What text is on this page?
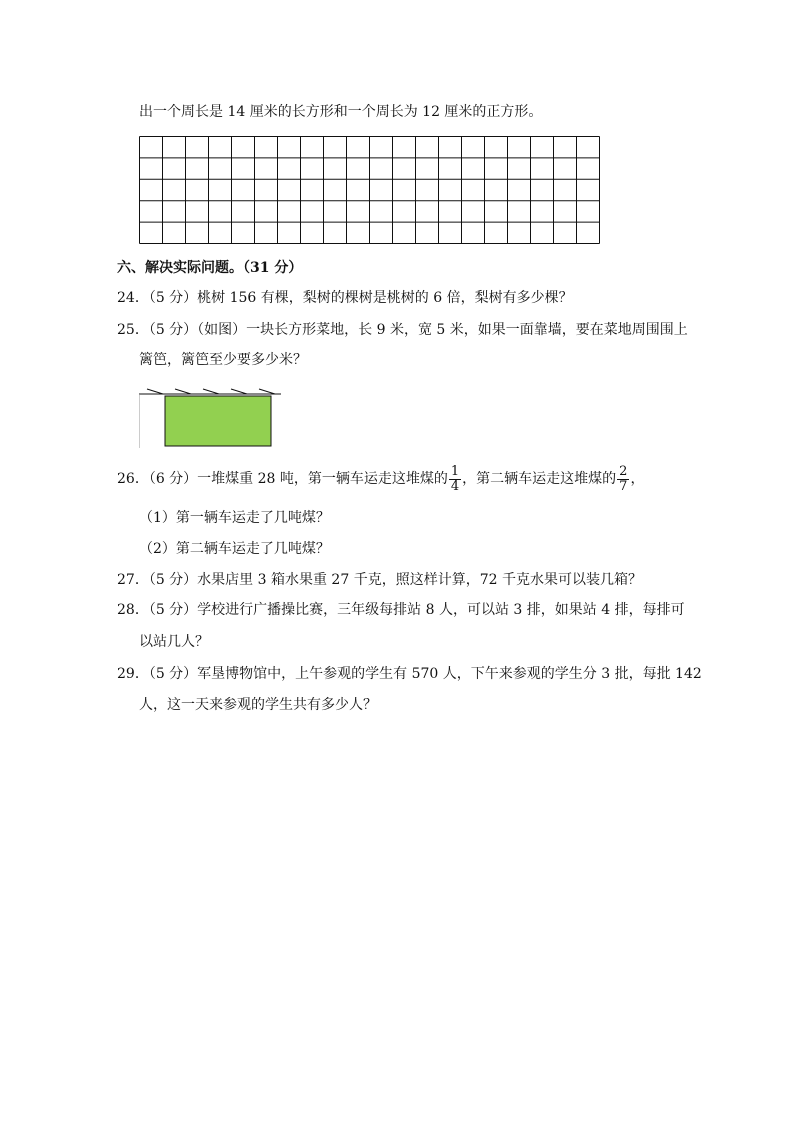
出一个周长是 14 厘米的长方形和一个周长为 12 厘米的正方形。
六、解决实际问题。（31 分）
24．（5 分）桃树 156 有棵，梨树的棵树是桃树的 6 倍，梨树有多少棵？
25．（5 分）（如图）一块长方形菜地，长 9 米，宽 5 米，如果一面靠墙，要在菜地周围围上
篱笆，篱笆至少要多少米？
26．（6 分）一堆煤重 28 吨，第一辆车运走这堆煤的 $\frac{1}{4}$ ，第二辆车运走这堆煤的 $\frac{2}{7}$ ，
（1）第一辆车运走了几吨煤？
（2）第二辆车运走了几吨煤？
27．（5 分）水果店里 3 箱水果重 27 千克，照这样计算，72 千克水果可以装几箱？
28．（5 分）学校进行广播操比赛，三年级每排站 8 人，可以站 3 排，如果站 4 排，每排可
以站几人？
29．（5 分）军垦博物馆中，上午参观的学生有 570 人，下午来参观的学生分 3 批，每批 142
人，这一天来参观的学生共有多少人？
